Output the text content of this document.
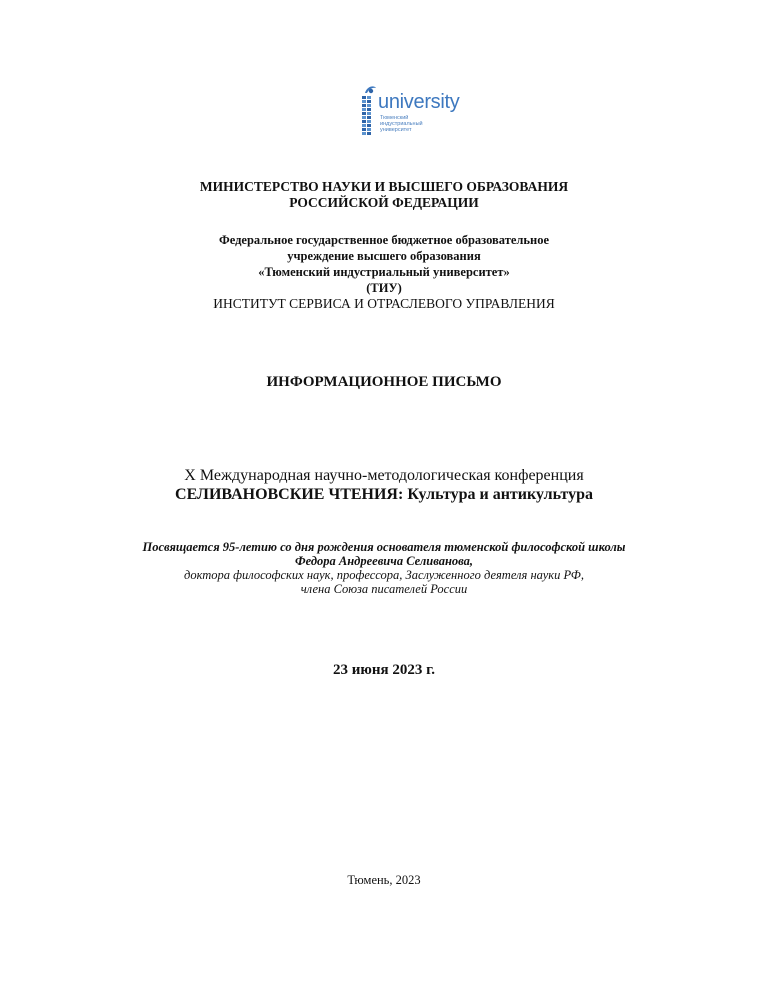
university
Тюменский
индустриальный
университет
МИНИСТЕРСТВО НАУКИ И ВЫСШЕГО ОБРАЗОВАНИЯ
РОССИЙСКОЙ ФЕДЕРАЦИИ
Федеральное государственное бюджетное образовательное
учреждение высшего образования
«Тюменский индустриальный университет»
(ТИУ)
ИНСТИТУТ СЕРВИСА И ОТРАСЛЕВОГО УПРАВЛЕНИЯ
ИНФОРМАЦИОННОЕ ПИСЬМО
X Международная научно-методологическая конференция
СЕЛИВАНОВСКИЕ ЧТЕНИЯ: Культура и антикультура
Посвящается 95-летию со дня рождения основателя тюменской философской школы
Федора Андреевича Селиванова,
доктора философских наук, профессора, Заслуженного деятеля науки РФ,
члена Союза писателей России
23 июня 2023 г.
Тюмень, 2023
